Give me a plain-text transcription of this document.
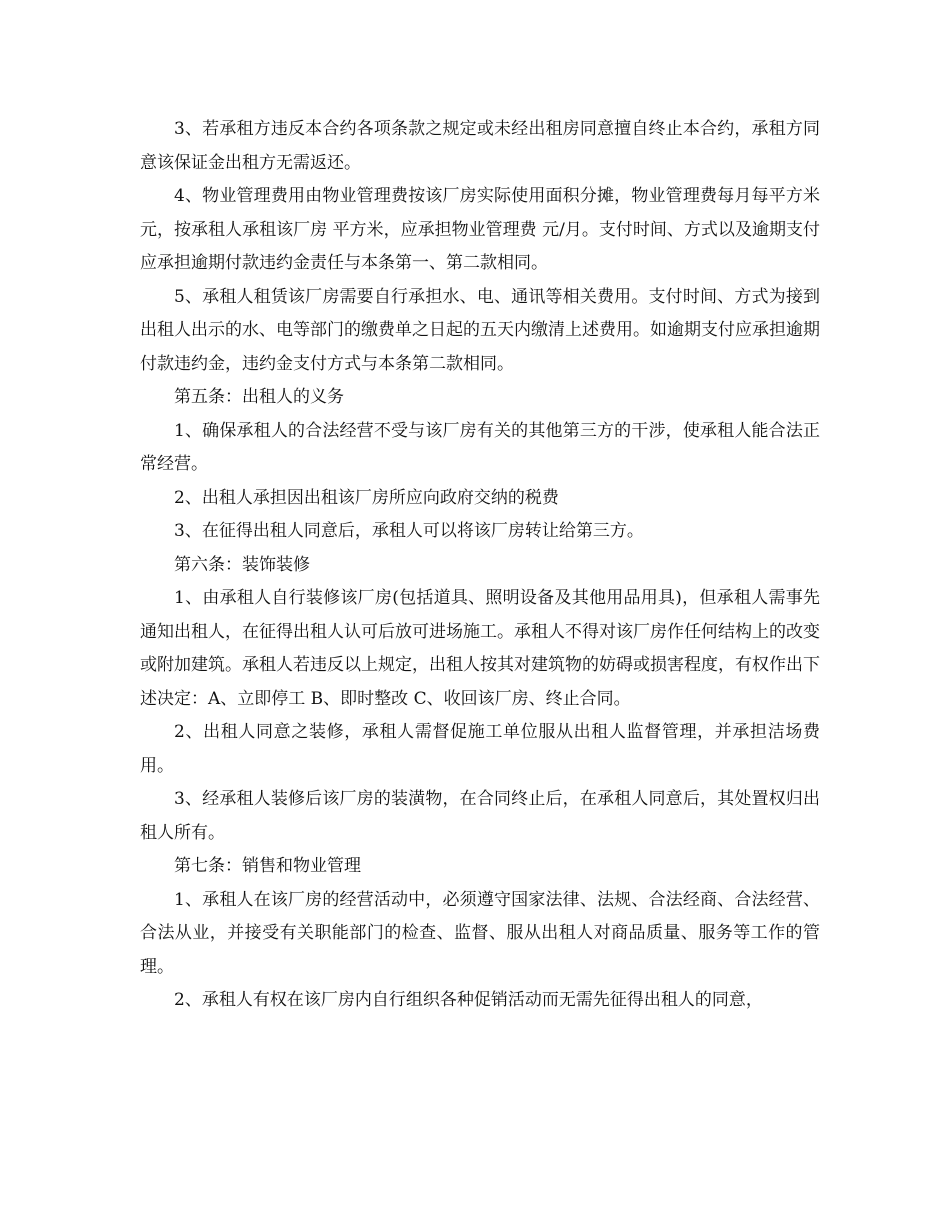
3、若承租方违反本合约各项条款之规定或未经出租房同意擅自终止本合约，承租方同意该保证金出租方无需返还。

4、物业管理费用由物业管理费按该厂房实际使用面积分摊，物业管理费每月每平方米 元，按承租人承租该厂房 平方米，应承担物业管理费 元/月。支付时间、方式以及逾期支付应承担逾期付款违约金责任与本条第一、第二款相同。

5、承租人租赁该厂房需要自行承担水、电、通讯等相关费用。支付时间、方式为接到出租人出示的水、电等部门的缴费单之日起的五天内缴清上述费用。如逾期支付应承担逾期付款违约金，违约金支付方式与本条第二款相同。

第五条：出租人的义务

1、确保承租人的合法经营不受与该厂房有关的其他第三方的干涉，使承租人能合法正常经营。

2、出租人承担因出租该厂房所应向政府交纳的税费

3、在征得出租人同意后，承租人可以将该厂房转让给第三方。

第六条：装饰装修

1、由承租人自行装修该厂房(包括道具、照明设备及其他用品用具)，但承租人需事先通知出租人，在征得出租人认可后放可进场施工。承租人不得对该厂房作任何结构上的改变或附加建筑。承租人若违反以上规定，出租人按其对建筑物的妨碍或损害程度，有权作出下述决定：A、立即停工 B、即时整改 C、收回该厂房、终止合同。

2、出租人同意之装修，承租人需督促施工单位服从出租人监督管理，并承担洁场费用。

3、经承租人装修后该厂房的装潢物，在合同终止后，在承租人同意后，其处置权归出租人所有。

第七条：销售和物业管理

1、承租人在该厂房的经营活动中，必须遵守国家法律、法规、合法经商、合法经营、合法从业，并接受有关职能部门的检查、监督、服从出租人对商品质量、服务等工作的管理。

2、承租人有权在该厂房内自行组织各种促销活动而无需先征得出租人的同意，
